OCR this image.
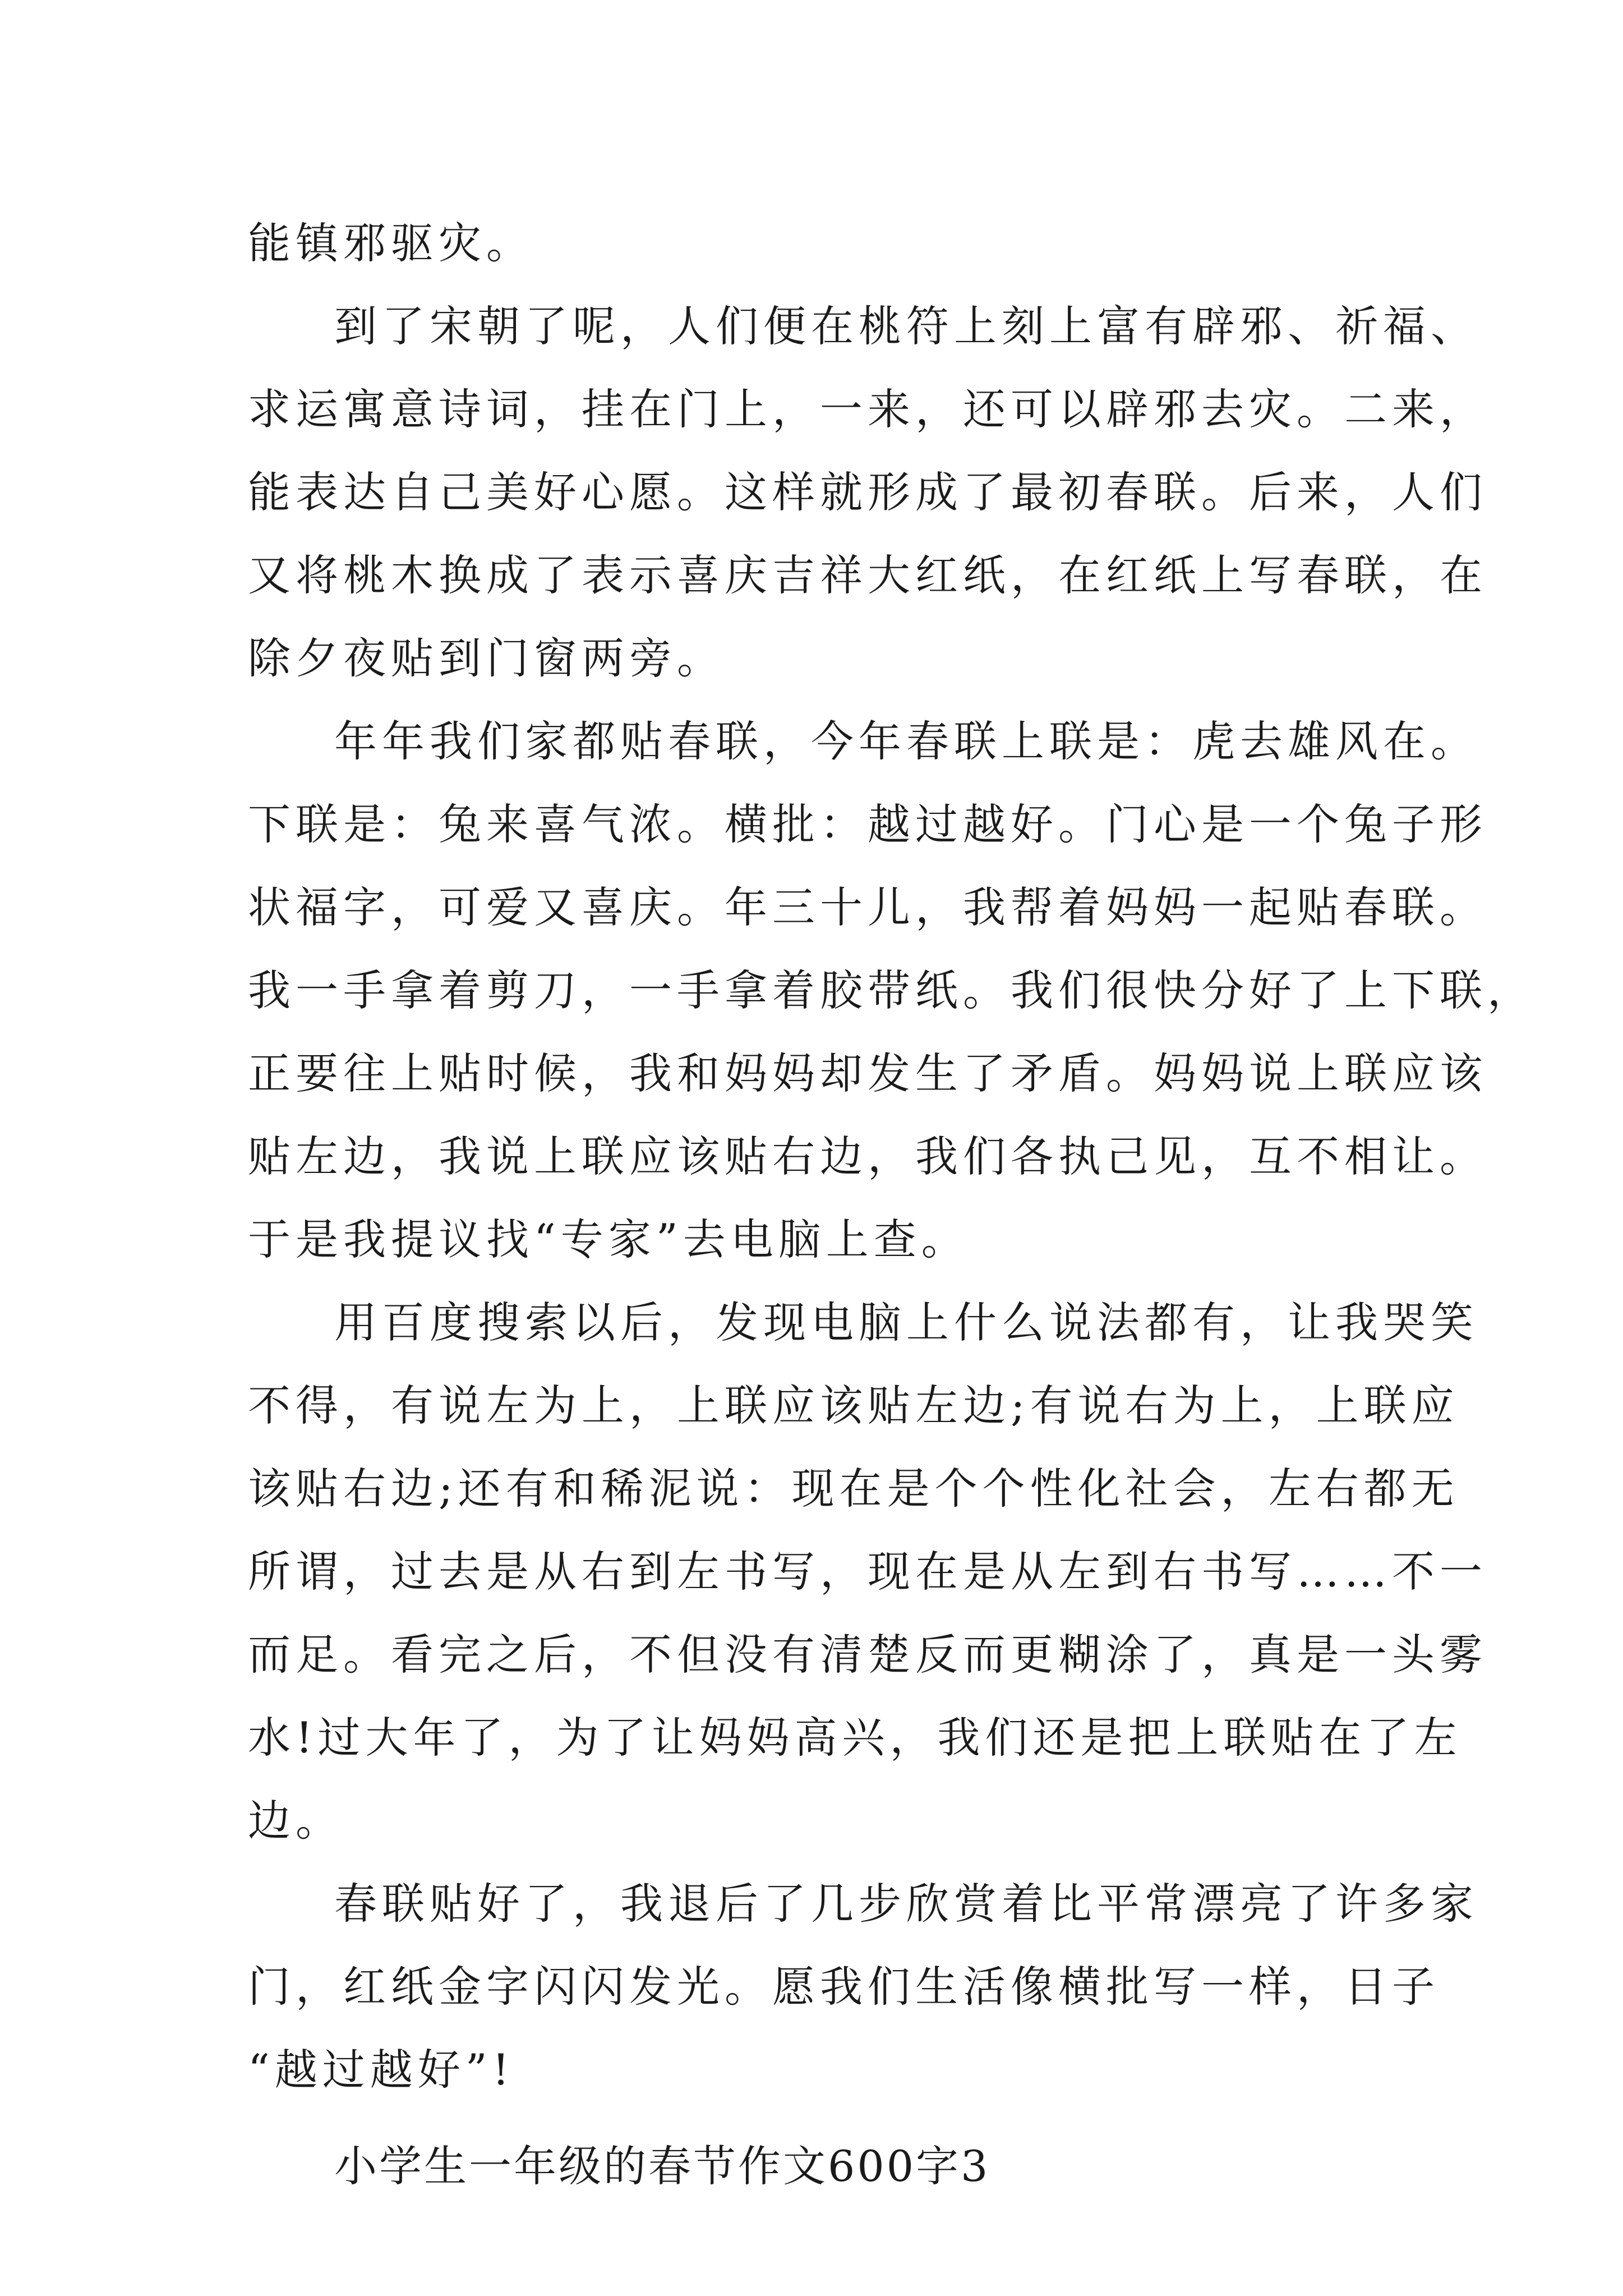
能镇邪驱灾。
到了宋朝了呢，人们便在桃符上刻上富有辟邪、祈福、
求运寓意诗词，挂在门上，一来，还可以辟邪去灾。二来，
能表达自己美好心愿。这样就形成了最初春联。后来，人们
又将桃木换成了表示喜庆吉祥大红纸，在红纸上写春联，在
除夕夜贴到门窗两旁。
年年我们家都贴春联，今年春联上联是：虎去雄风在。
下联是：兔来喜气浓。横批：越过越好。门心是一个兔子形
状福字，可爱又喜庆。年三十儿，我帮着妈妈一起贴春联。
我一手拿着剪刀，一手拿着胶带纸。我们很快分好了上下联，
正要往上贴时候，我和妈妈却发生了矛盾。妈妈说上联应该
贴左边，我说上联应该贴右边，我们各执己见，互不相让。
于是我提议找“专家”去电脑上查。
用百度搜索以后，发现电脑上什么说法都有，让我哭笑
不得，有说左为上，上联应该贴左边;有说右为上，上联应
该贴右边;还有和稀泥说：现在是个个性化社会，左右都无
所谓，过去是从右到左书写，现在是从左到右书写……不一
而足。看完之后，不但没有清楚反而更糊涂了，真是一头雾
水!过大年了，为了让妈妈高兴，我们还是把上联贴在了左
边。
春联贴好了，我退后了几步欣赏着比平常漂亮了许多家
门，红纸金字闪闪发光。愿我们生活像横批写一样，日子
“越过越好”!
小学生一年级的春节作文600字3
